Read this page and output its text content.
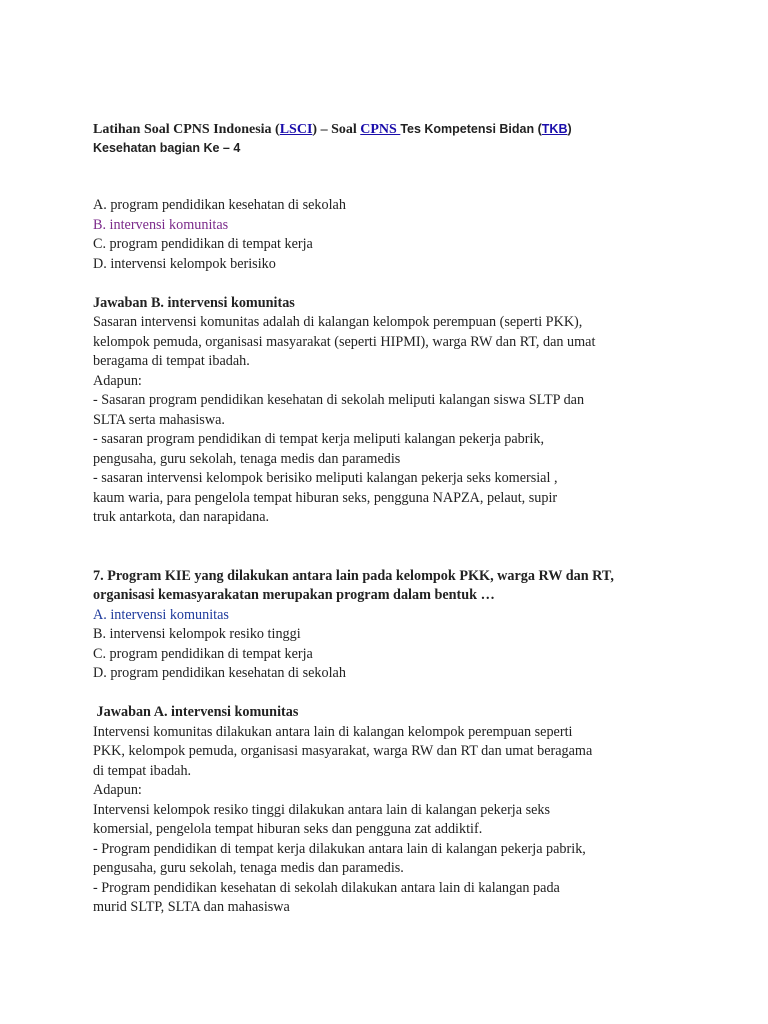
Latihan Soal CPNS Indonesia (LSCI) – Soal CPNS Tes Kompetensi Bidan (TKB)
Kesehatan bagian Ke – 4
A. program pendidikan kesehatan di sekolah
B. intervensi komunitas
C. program pendidikan di tempat kerja
D. intervensi kelompok berisiko
Jawaban B. intervensi komunitas
Sasaran intervensi komunitas adalah di kalangan kelompok perempuan (seperti PKK),
kelompok pemuda, organisasi masyarakat (seperti HIPMI), warga RW dan RT, dan umat
beragama di tempat ibadah.
Adapun:
- Sasaran program pendidikan kesehatan di sekolah meliputi kalangan siswa SLTP dan
SLTA serta mahasiswa.
- sasaran program pendidikan di tempat kerja meliputi kalangan pekerja pabrik,
pengusaha, guru sekolah, tenaga medis dan paramedis
- sasaran intervensi kelompok berisiko meliputi kalangan pekerja seks komersial ,
kaum waria, para pengelola tempat hiburan seks, pengguna NAPZA, pelaut, supir
truk antarkota, dan narapidana.
7. Program KIE yang dilakukan antara lain pada kelompok PKK, warga RW dan RT,
organisasi kemasyarakatan merupakan program dalam bentuk …
A. intervensi komunitas
B. intervensi kelompok resiko tinggi
C. program pendidikan di tempat kerja
D. program pendidikan kesehatan di sekolah
Jawaban A. intervensi komunitas
Intervensi komunitas dilakukan antara lain di kalangan kelompok perempuan seperti
PKK, kelompok pemuda, organisasi masyarakat, warga RW dan RT dan umat beragama
di tempat ibadah.
Adapun:
Intervensi kelompok resiko tinggi dilakukan antara lain di kalangan pekerja seks
komersial, pengelola tempat hiburan seks dan pengguna zat addiktif.
- Program pendidikan di tempat kerja dilakukan antara lain di kalangan pekerja pabrik,
pengusaha, guru sekolah, tenaga medis dan paramedis.
- Program pendidikan kesehatan di sekolah dilakukan antara lain di kalangan pada
murid SLTP, SLTA dan mahasiswa
